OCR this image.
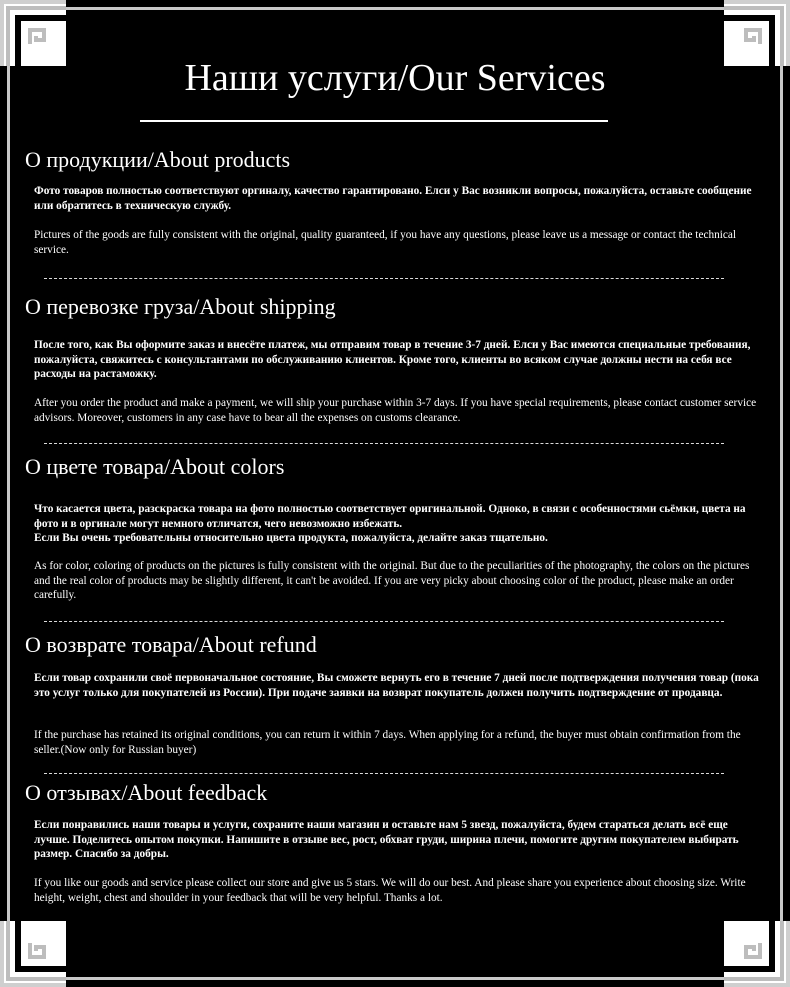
Наши услуги/Our Services
О продукции/About products
Фото товаров полностью соответствуют оргиналу, качество гарантировано. Елси у Вас возникли вопросы, пожалуйста, оставьте сообщение или обратитесь в техническую службу.
Pictures of the goods are fully consistent with the original, quality guaranteed, if you have any questions, please leave us a message or contact the technical service.
О перевозке груза/About shipping
После того, как Вы оформите заказ и внесёте платеж, мы отправим товар в течение 3-7 дней. Елси у Вас имеются специальные требования, пожалуйста, свяжитесь с консультантами по обслуживанию клиентов. Кроме того, клиенты во всяком случае должны нести на себя все расходы на растаможку.
After you order the product and make a payment, we will ship your purchase within 3-7 days. If you have special requirements, please contact customer service advisors. Moreover, customers in any case have to bear all the expenses on customs clearance.
О цвете товара/About colors
Что касается цвета, разскраска товара на фото полностью соответствует оригинальной. Одноко, в связи с особенностями сьёмки, цвета на фото и в оргинале могут немного отличатся, чего невозможно избежать.
Если Вы очень требовательны относительно цвета продукта, пожалуйста, делайте заказ тщательно.
As for color, coloring of products on the pictures is fully consistent with the original. But due to the peculiarities of the photography, the colors on the pictures and the real color of products may be slightly different, it can't be avoided. If you are very picky about choosing color of the product, please make an order carefully.
О возврате товара/About refund
Если товар сохранили своё первоначальное состояние, Вы сможете вернуть его в течение 7 дней после подтверждения получения товар (пока это услуг только для покупателей из России). При подаче заявки на возврат покупатель должен получить подтверждение от продавца.
If the purchase has retained its original conditions, you can return it within 7 days. When applying for a refund, the buyer must obtain confirmation from the seller.(Now only for Russian buyer)
О отзывах/About feedback
Если понравились наши товары и услуги, сохраните наши магазин и оставьте нам 5 звезд, пожалуйста, будем стараться делать всё еще лучше. Поделитесь опытом покупки. Напишите в отзыве вес, рост, обхват груди, ширина плечи, помогите другим покупателем выбирать размер. Спасибо за добры.
If you like our goods and service please collect our store and give us 5 stars. We will do our best. And please share you experience about choosing size. Write height, weight, chest and shoulder in your feedback that will be very helpful. Thanks a lot.
